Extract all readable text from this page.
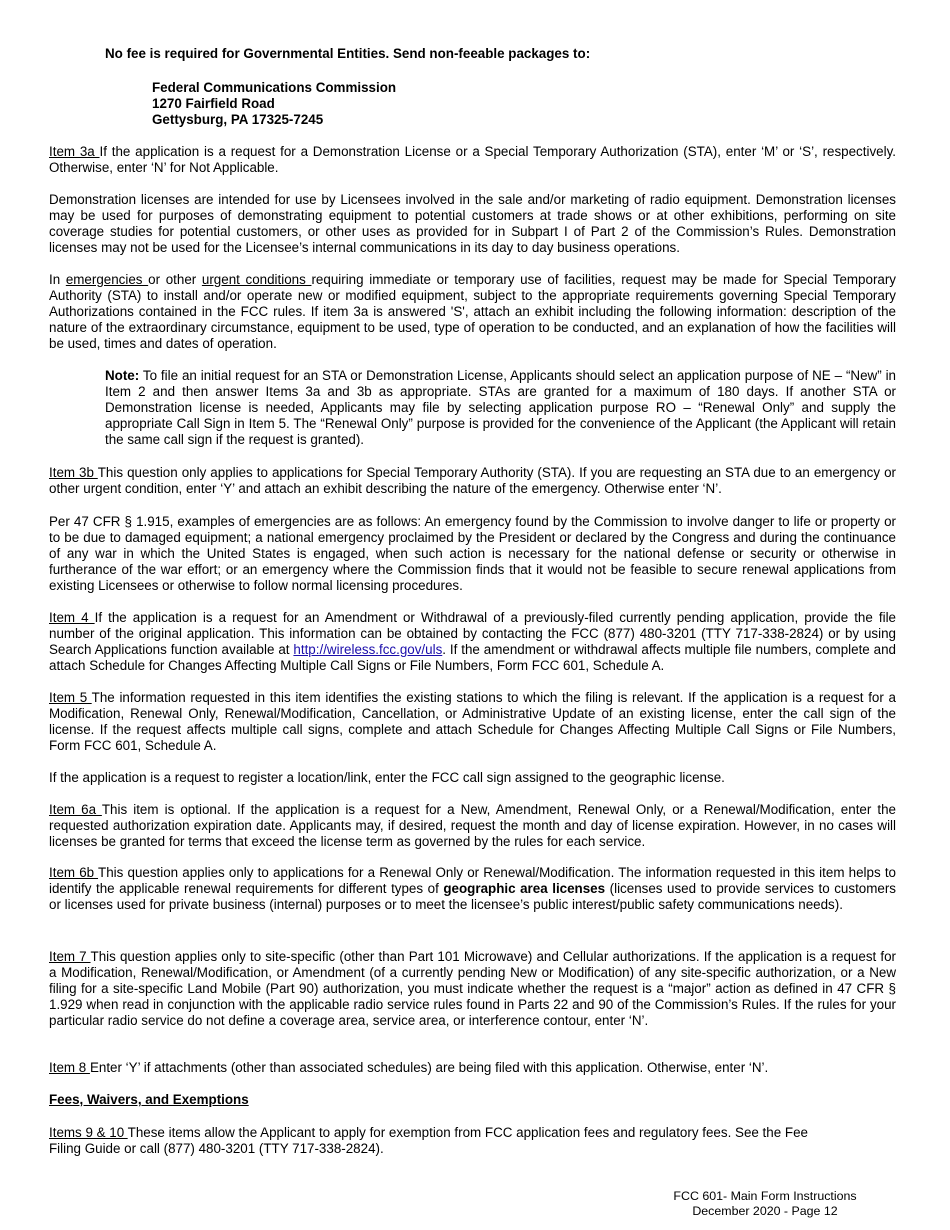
No fee is required for Governmental Entities. Send non-feeable packages to:
Federal Communications Commission
1270 Fairfield Road
Gettysburg, PA 17325-7245

Item 3a If the application is a request for a Demonstration License or a Special Temporary Authorization (STA), enter ‘M’ or ‘S’, respectively. Otherwise, enter ‘N’ for Not Applicable.

Demonstration licenses are intended for use by Licensees involved in the sale and/or marketing of radio equipment. Demonstration licenses may be used for purposes of demonstrating equipment to potential customers at trade shows or at other exhibitions, performing on site coverage studies for potential customers, or other uses as provided for in Subpart I of Part 2 of the Commission’s Rules. Demonstration licenses may not be used for the Licensee’s internal communications in its day to day business operations.

In emergencies or other urgent conditions requiring immediate or temporary use of facilities, request may be made for Special Temporary Authority (STA) to install and/or operate new or modified equipment, subject to the appropriate requirements governing Special Temporary Authorizations contained in the FCC rules. If item 3a is answered 'S', attach an exhibit including the following information: description of the nature of the extraordinary circumstance, equipment to be used, type of operation to be conducted, and an explanation of how the facilities will be used, times and dates of operation.

Note: To file an initial request for an STA or Demonstration License, Applicants should select an application purpose of NE – “New” in Item 2 and then answer Items 3a and 3b as appropriate. STAs are granted for a maximum of 180 days. If another STA or Demonstration license is needed, Applicants may file by selecting application purpose RO – “Renewal Only” and supply the appropriate Call Sign in Item 5. The “Renewal Only” purpose is provided for the convenience of the Applicant (the Applicant will retain the same call sign if the request is granted).

Item 3b This question only applies to applications for Special Temporary Authority (STA). If you are requesting an STA due to an emergency or other urgent condition, enter ‘Y’ and attach an exhibit describing the nature of the emergency. Otherwise enter ‘N’.

Per 47 CFR § 1.915, examples of emergencies are as follows: An emergency found by the Commission to involve danger to life or property or to be due to damaged equipment; a national emergency proclaimed by the President or declared by the Congress and during the continuance of any war in which the United States is engaged, when such action is necessary for the national defense or security or otherwise in furtherance of the war effort; or an emergency where the Commission finds that it would not be feasible to secure renewal applications from existing Licensees or otherwise to follow normal licensing procedures.

Item 4 If the application is a request for an Amendment or Withdrawal of a previously-filed currently pending application, provide the file number of the original application. This information can be obtained by contacting the FCC (877) 480-3201 (TTY 717-338-2824) or by using Search Applications function available at http://wireless.fcc.gov/uls. If the amendment or withdrawal affects multiple file numbers, complete and attach Schedule for Changes Affecting Multiple Call Signs or File Numbers, Form FCC 601, Schedule A.

Item 5 The information requested in this item identifies the existing stations to which the filing is relevant. If the application is a request for a Modification, Renewal Only, Renewal/Modification, Cancellation, or Administrative Update of an existing license, enter the call sign of the license. If the request affects multiple call signs, complete and attach Schedule for Changes Affecting Multiple Call Signs or File Numbers, Form FCC 601, Schedule A.

If the application is a request to register a location/link, enter the FCC call sign assigned to the geographic license.

Item 6a This item is optional. If the application is a request for a New, Amendment, Renewal Only, or a Renewal/Modification, enter the requested authorization expiration date. Applicants may, if desired, request the month and day of license expiration. However, in no cases will licenses be granted for terms that exceed the license term as governed by the rules for each service.

Item 6b This question applies only to applications for a Renewal Only or Renewal/Modification. The information requested in this item helps to identify the applicable renewal requirements for different types of geographic area licenses (licenses used to provide services to customers or licenses used for private business (internal) purposes or to meet the licensee’s public interest/public safety communications needs).

Item 7 This question applies only to site-specific (other than Part 101 Microwave) and Cellular authorizations. If the application is a request for a Modification, Renewal/Modification, or Amendment (of a currently pending New or Modification) of any site-specific authorization, or a New filing for a site-specific Land Mobile (Part 90) authorization, you must indicate whether the request is a “major” action as defined in 47 CFR § 1.929 when read in conjunction with the applicable radio service rules found in Parts 22 and 90 of the Commission’s Rules. If the rules for your particular radio service do not define a coverage area, service area, or interference contour, enter ‘N’.

Item 8 Enter ‘Y’ if attachments (other than associated schedules) are being filed with this application. Otherwise, enter ‘N’.

Fees, Waivers, and Exemptions
Items 9 & 10 These items allow the Applicant to apply for exemption from FCC application fees and regulatory fees. See the Fee
Filing Guide or call (877) 480-3201 (TTY 717-338-2824).
FCC 601- Main Form Instructions
December 2020 - Page 12
